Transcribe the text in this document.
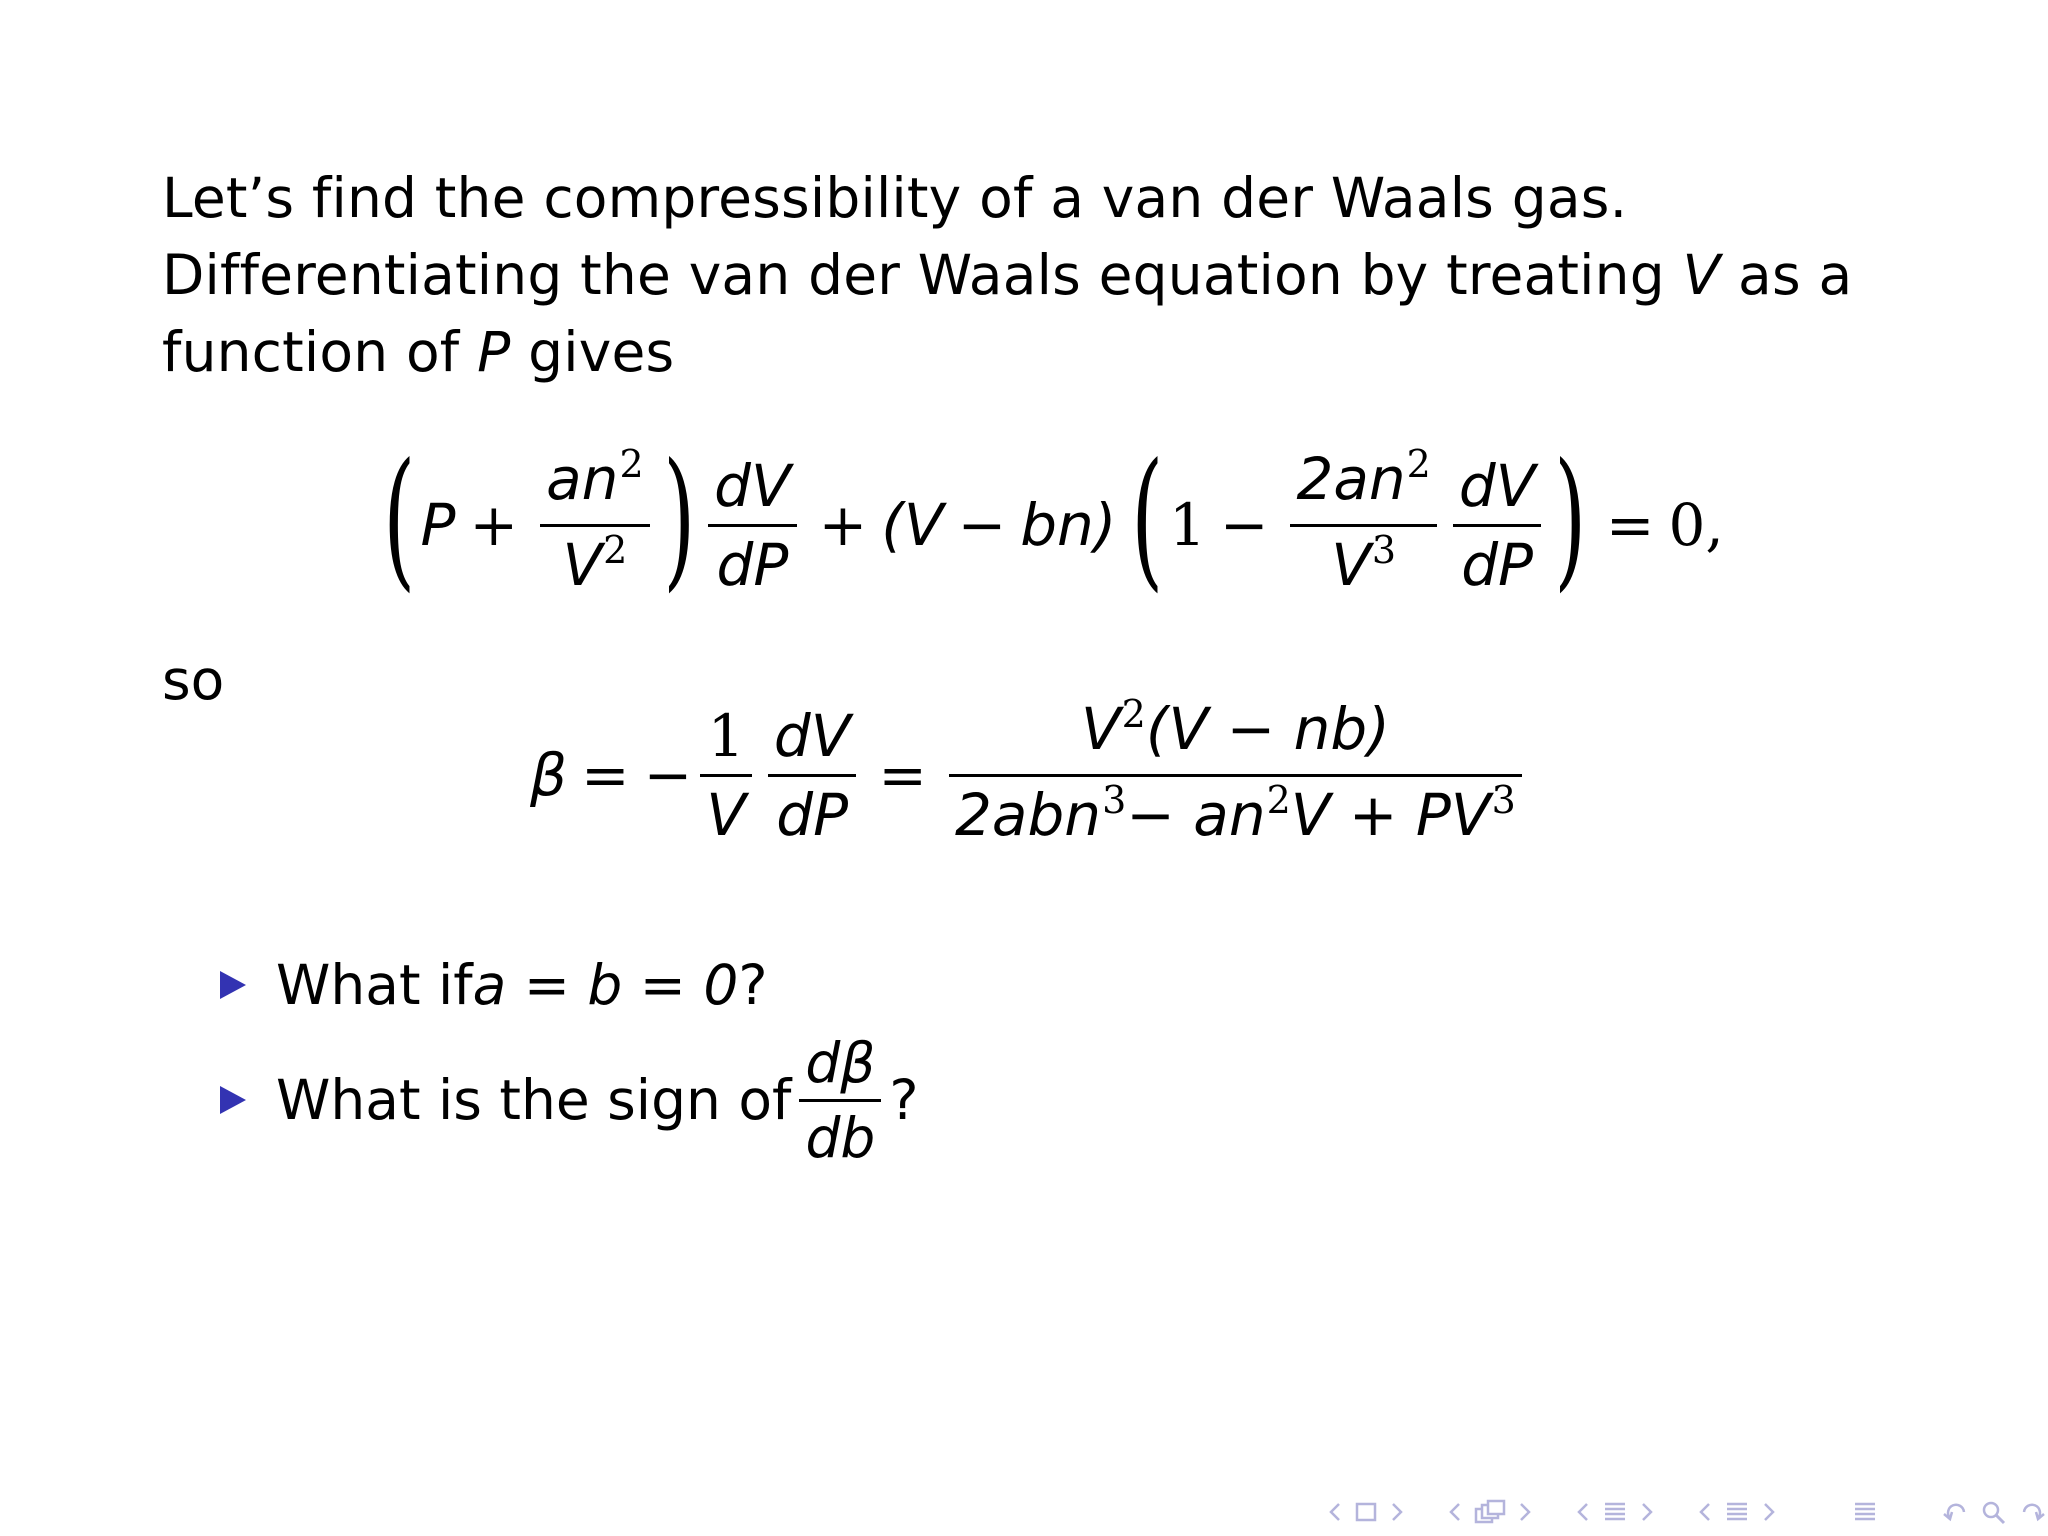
Let’s find the compressibility of a van der Waals gas.
Differentiating the van der Waals equation by treating V as a
function of P gives
( $P + \frac{an 2}{V 2}$ ) $\frac{dV}{dP} + (V - bn)$ ( $1 - \frac{2an 2}{V 3} \frac{dV}{dP}$ ) = 0,
so
β = − $\frac{1}{V} \frac{dV}{dP} = \frac{V 2 (V - nb)}{\text{2abn 3 − an 2 V + PV 3}}$
What if a = b = 0 ?
What is the sign of $\frac{d\beta}{db}$ ?
